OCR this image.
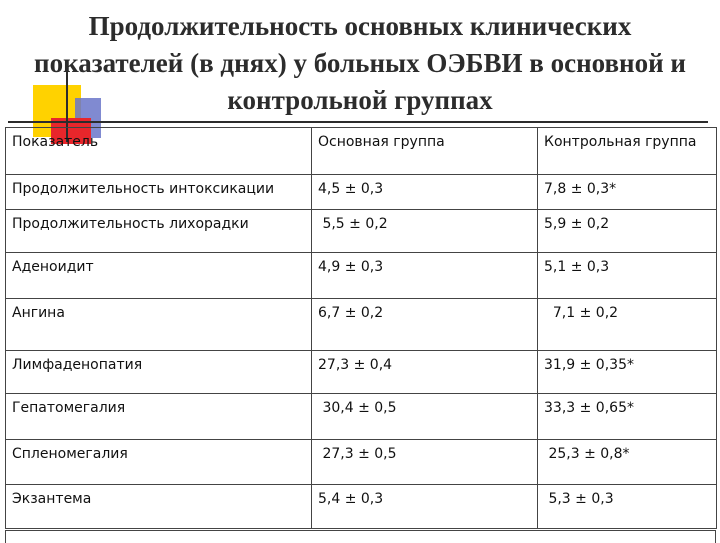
Продолжительность основных клинических показателей (в днях) у больных ОЭБВИ в основной и контрольной группах
Показатель	Основная группа	Контрольная группа
Продолжительность интоксикации	4,5 ± 0,3	7,8 ± 0,3*
Продолжительность лихорадки	5,5 ± 0,2	5,9 ± 0,2
Аденоидит	4,9 ± 0,3	5,1 ± 0,3
Ангина	6,7 ± 0,2	7,1 ± 0,2
Лимфаденопатия	27,3 ± 0,4	31,9 ± 0,35*
Гепатомегалия	30,4 ± 0,5	33,3 ± 0,65*
Спленомегалия	27,3 ± 0,5	25,3 ± 0,8*
Экзантема	5,4 ± 0,3	5,3 ± 0,3
